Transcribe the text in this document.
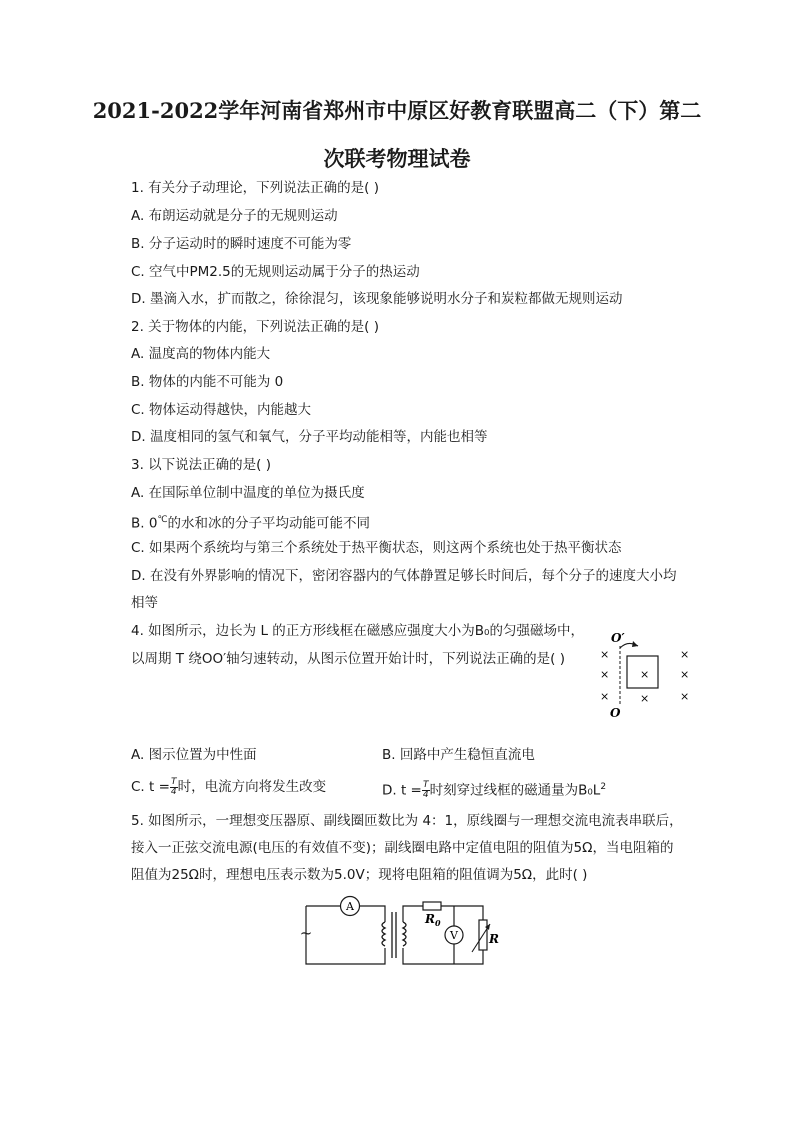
2021-2022学年河南省郑州市中原区好教育联盟高二（下）第二
次联考物理试卷
1. 有关分子动理论，下列说法正确的是( )
A. 布朗运动就是分子的无规则运动
B. 分子运动时的瞬时速度不可能为零
C. 空气中PM2.5的无规则运动属于分子的热运动
D. 墨滴入水，扩而散之，徐徐混匀，该现象能够说明水分子和炭粒都做无规则运动
2. 关于物体的内能，下列说法正确的是( )
A. 温度高的物体内能大
B. 物体的内能不可能为 0
C. 物体运动得越快，内能越大
D. 温度相同的氢气和氧气，分子平均动能相等，内能也相等
3. 以下说法正确的是( )
A. 在国际单位制中温度的单位为摄氏度
B. 0℃的水和冰的分子平均动能可能不同
C. 如果两个系统均与第三个系统处于热平衡状态，则这两个系统也处于热平衡状态
D. 在没有外界影响的情况下，密闭容器内的气体静置足够长时间后，每个分子的速度大小均
相等
4. 如图所示，边长为 L 的正方形线框在磁感应强度大小为B₀的匀强磁场中，
以周期 T 绕OO′轴匀速转动，从图示位置开始计时，下列说法正确的是( )
O′
×
×
×
×
×
×
×
×
O
A. 图示位置为中性面	B. 回路中产生稳恒直流电
C. $t = \frac{T}{4}$ 时，电流方向将发生改变	D. $t = \frac{T}{4}$ 时刻穿过线框的磁通量为$B_0L^2$
5. 如图所示，一理想变压器原、副线圈匝数比为 4：1，原线圈与一理想交流电流表串联后，
接入一正弦交流电源(电压的有效值不变)；副线圈电路中定值电阻的阻值为5Ω，当电阻箱的
阻值为25Ω时，理想电压表示数为5.0V；现将电阻箱的阻值调为5Ω，此时( )
A
~
$R_0$
V	R
